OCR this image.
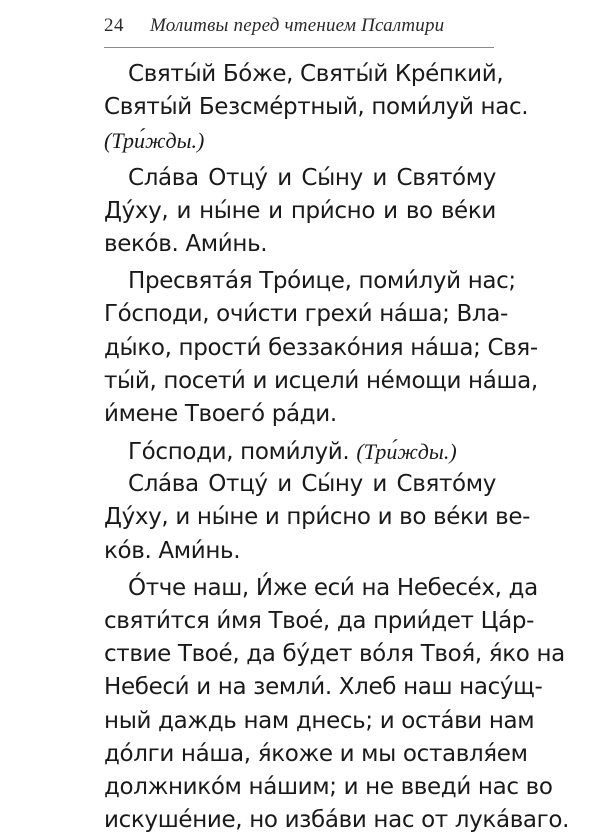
24 Молитвы перед чтением Псалтири
Святы́й Бо́же, Святы́й Кре́пкий,
Святы́й Безсме́ртный, поми́луй нас.
(Три́жды.)
Сла́ва Отцу́ и Сы́ну и Свято́му
Ду́ху, и ны́не и при́сно и во ве́ки
веко́в. Ами́нь.
Пресвята́я Тро́ице, поми́луй нас;
Го́споди, очи́сти грехи́ на́ша; Вла-
ды́ко, прости́ беззако́ния на́ша; Свя-
ты́й, посети́ и исцели́ не́мощи на́ша,
и́мене Твоего́ ра́ди.
Го́споди, поми́луй. (Три́жды.)
Сла́ва Отцу́ и Сы́ну и Свято́му
Ду́ху, и ны́не и при́сно и во ве́ки ве-
ко́в. Ами́нь.
О́тче наш, И́же еси́ на Небесе́х, да
святи́тся и́мя Твое́, да прии́дет Ца́р-
ствие Твое́, да бу́дет во́ля Твоя́, я́ко на
Небеси́ и на земли́. Хлеб наш насу́щ-
ный даждь нам днесь; и оста́ви нам
до́лги на́ша, я́коже и мы оставля́ем
должнико́м на́шим; и не введи́ нас во
искуше́ние, но изба́ви нас от лука́ваго.
